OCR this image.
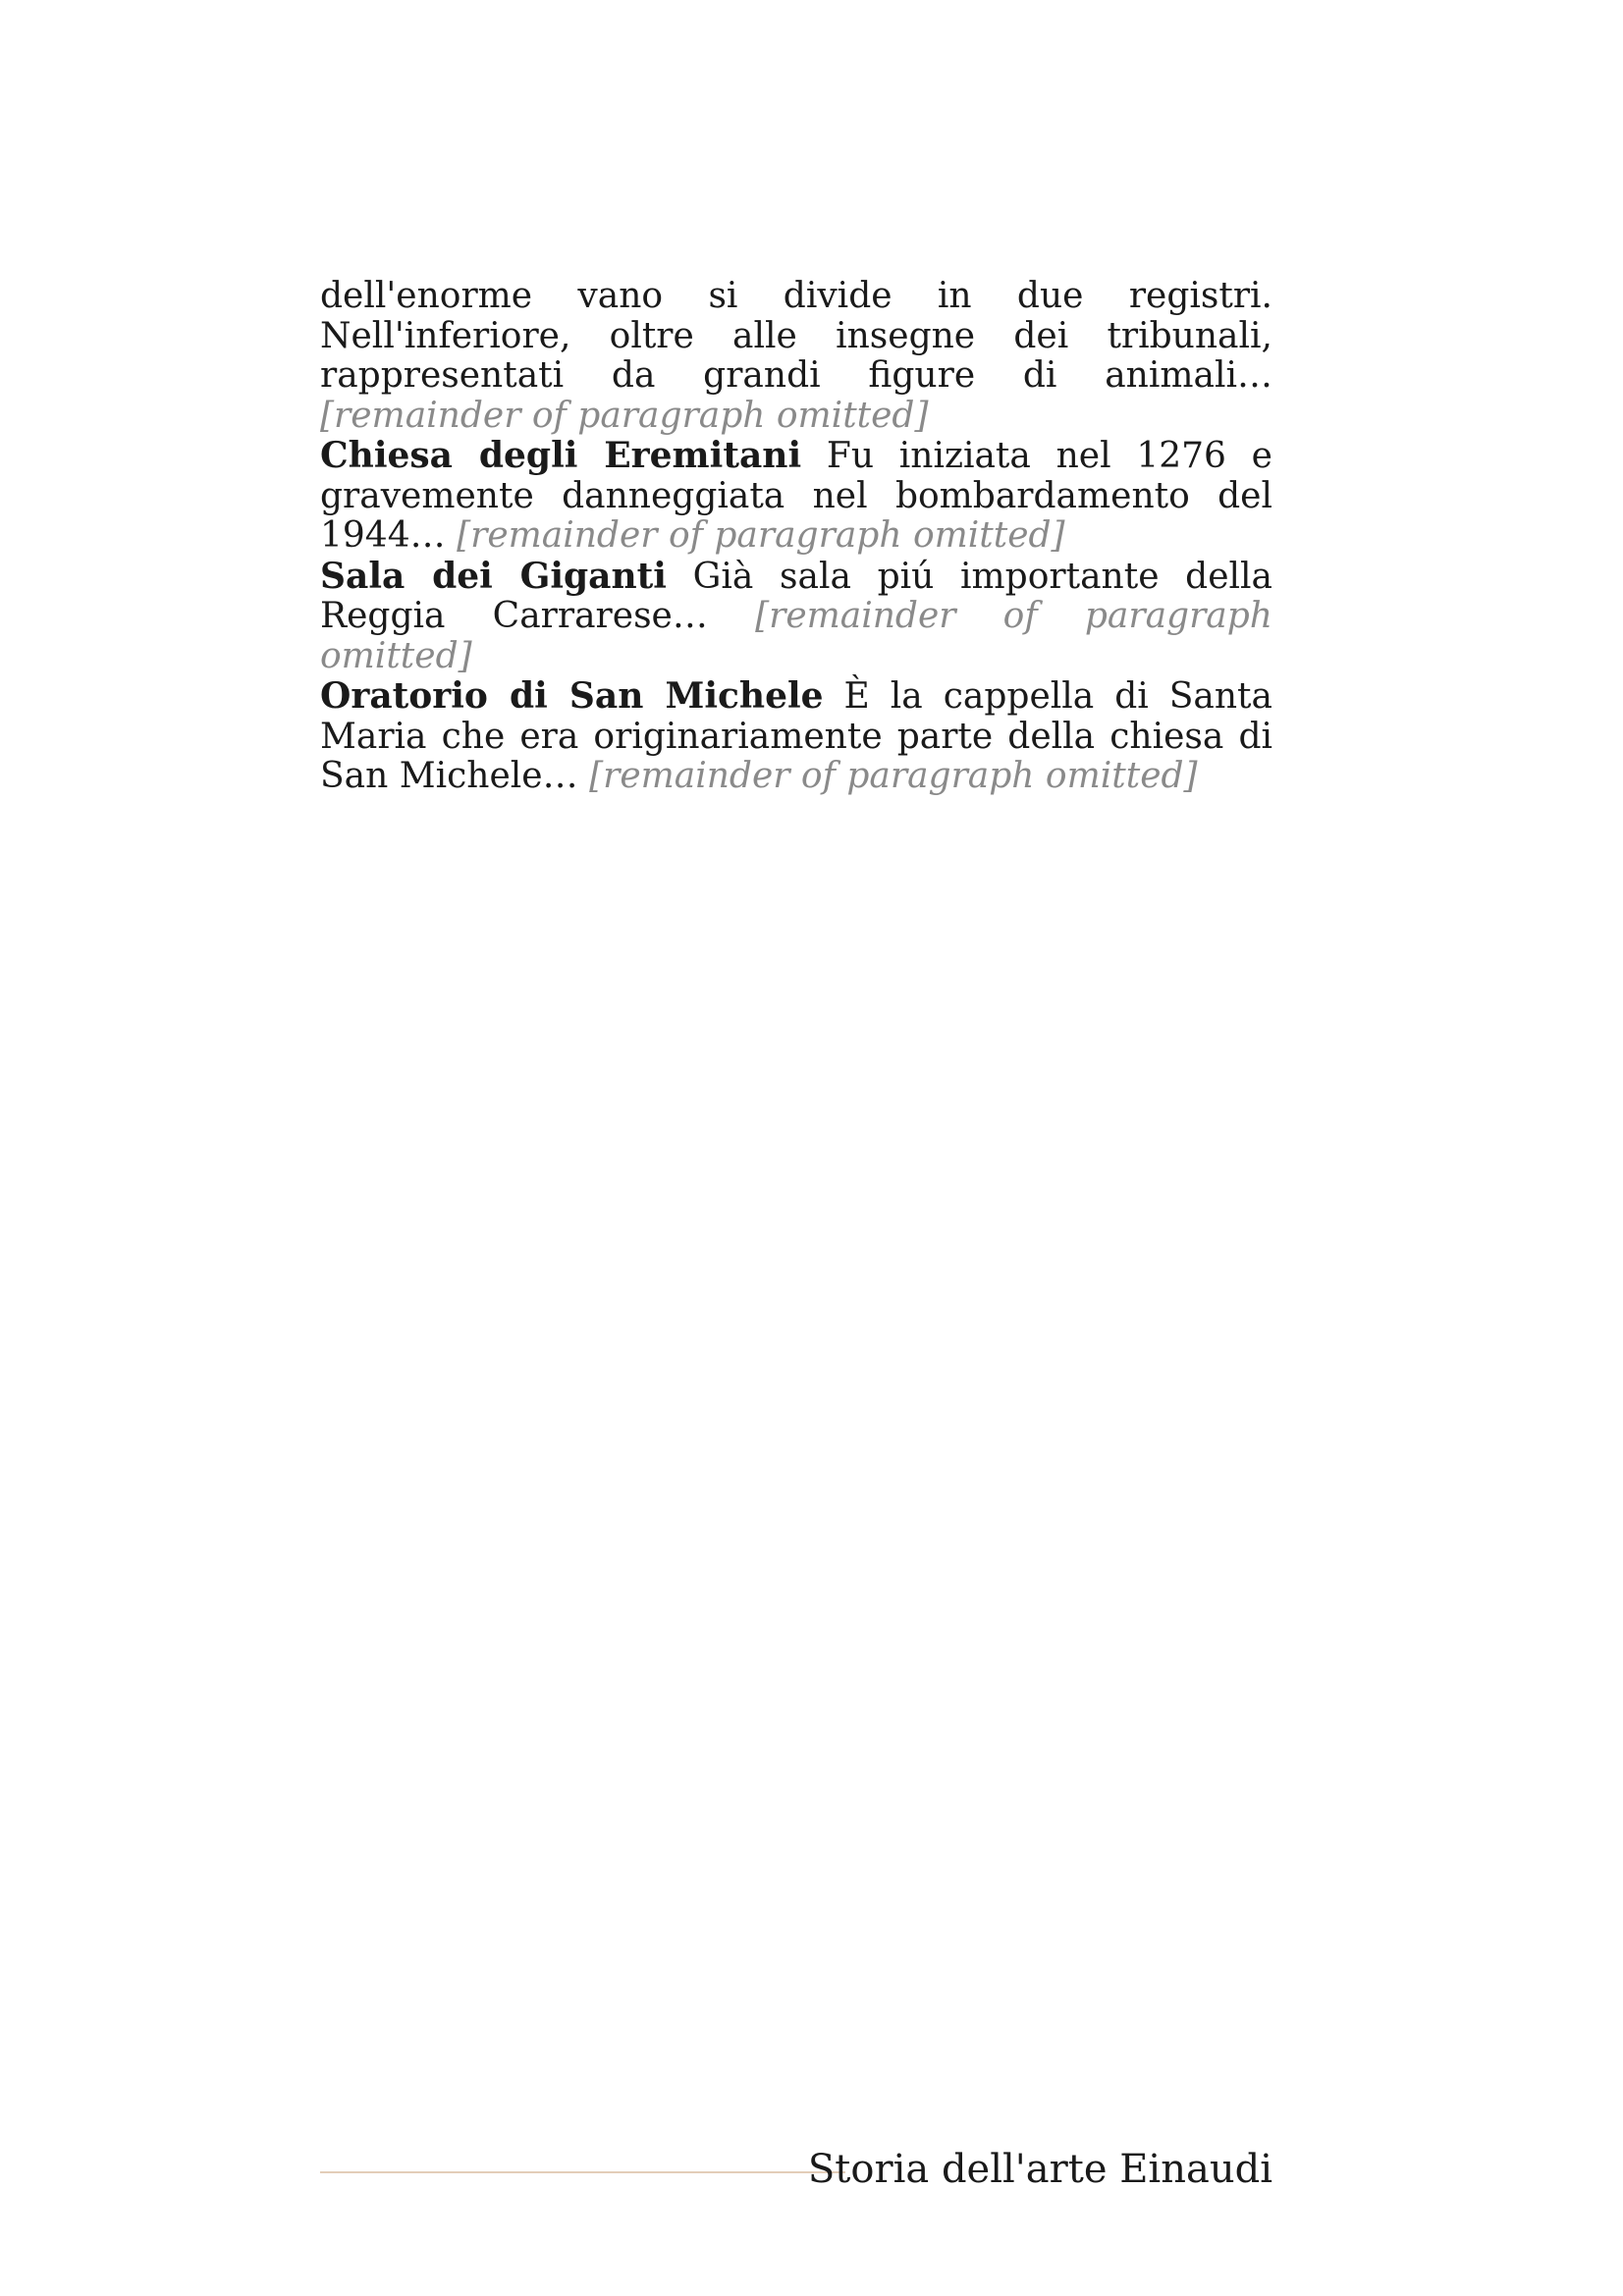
dell'enorme vano si divide in due registri. Nell'inferiore, oltre alle insegne dei tribunali, rappresentati da grandi figure di animali… [remainder of paragraph omitted]

Chiesa degli Eremitani Fu iniziata nel 1276 e gravemente danneggiata nel bombardamento del 1944… [remainder of paragraph omitted]

Sala dei Giganti Già sala piú importante della Reggia Carrarese… [remainder of paragraph omitted]

Oratorio di San Michele È la cappella di Santa Maria che era originariamente parte della chiesa di San Michele… [remainder of paragraph omitted]

Storia dell'arte Einaudi
